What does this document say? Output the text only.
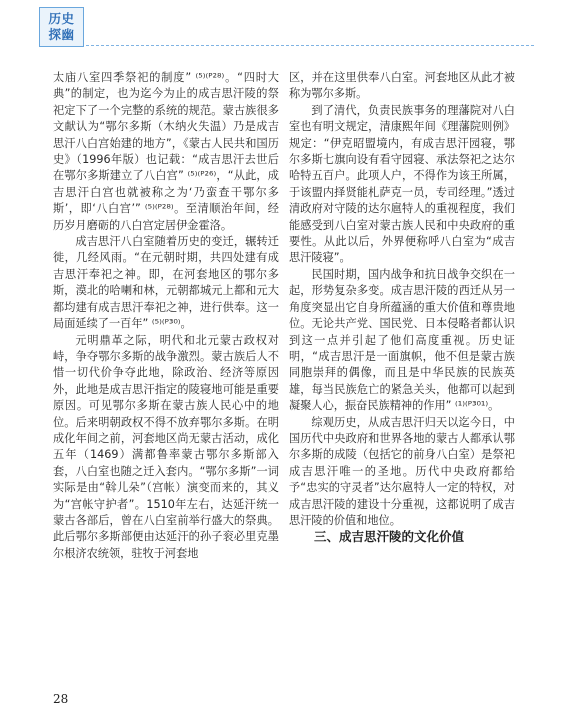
历史
探幽

太庙八室四季祭祀的制度” ⁽⁵⁾⁽ᴾ²⁸⁾。“四时大典”的制定，也为迄今为止的成吉思汗陵的祭祀定下了一个完整的系统的规范。蒙古族很多文献认为“鄂尔多斯（木纳火失温）乃是成吉思汗八白宫始建的地方”，《蒙古人民共和国历史》（1996年版）也记载：“成吉思汗去世后在鄂尔多斯建立了八白宫” ⁽⁵⁾⁽ᴾ²⁶⁾，“从此，成吉思汗白宫也就被称之为‘乃蛮查干鄂尔多斯’，即‘八白宫’” ⁽⁵⁾⁽ᴾ²⁸⁾。至清顺治年间，经历岁月磨砺的八白宫定居伊金霍洛。

成吉思汗八白室随着历史的变迁，辗转迁徙，几经风雨。“在元朝时期，共四处建有成吉思汗奉祀之神。即，在河套地区的鄂尔多斯，漠北的哈喇和林，元朝都城元上都和元大都均建有成吉思汗奉祀之神，进行供奉。这一局面延续了一百年” ⁽⁵⁾⁽ᴾ³⁰⁾。

元明鼎革之际，明代和北元蒙古政权对峙，争夺鄂尔多斯的战争激烈。蒙古族后人不惜一切代价争夺此地，除政治、经济等原因外，此地是成吉思汗指定的陵寝地可能是重要原因。可见鄂尔多斯在蒙古族人民心中的地位。后来明朝政权不得不放弃鄂尔多斯。在明成化年间之前，河套地区尚无蒙古活动，成化五年（1469）满都鲁率蒙古鄂尔多斯部入套，八白室也随之迁入套内。“鄂尔多斯”一词实际是由“斡儿朵”（宫帐）演变而来的，其义为“宫帐守护者”。1510年左右，达延汗统一蒙古各部后，曾在八白室前举行盛大的祭典。此后鄂尔多斯部便由达延汗的孙子衮必里克墨尔根济农统领，驻牧于河套地

区，并在这里供奉八白室。河套地区从此才被称为鄂尔多斯。

到了清代，负责民族事务的理藩院对八白室也有明文规定，清康熙年间《理藩院则例》规定：“伊克昭盟境内，有成吉思汗园寝，鄂尔多斯七旗向设有看守园寝、承法祭祀之达尔哈特五百户。此项人户，不得作为该王所属，于该盟内择贤能札萨克一员，专司经理。”透过清政府对守陵的达尔扈特人的重视程度，我们能感受到八白室对蒙古族人民和中央政府的重要性。从此以后，外界便称呼八白室为“成吉思汗陵寝”。

民国时期，国内战争和抗日战争交织在一起，形势复杂多变。成吉思汗陵的西迁从另一角度突显出它自身所蕴涵的重大价值和尊贵地位。无论共产党、国民党、日本侵略者都认识到这一点并引起了他们高度重视。历史证明，“成吉思汗是一面旗帜，他不但是蒙古族同胞崇拜的偶像，而且是中华民族的民族英雄，每当民族危亡的紧急关头，他都可以起到凝聚人心，振奋民族精神的作用” ⁽¹⁾⁽ᴾ³⁰¹⁾。

综观历史，从成吉思汗归天以迄今日，中国历代中央政府和世界各地的蒙古人都承认鄂尔多斯的成陵（包括它的前身八白室）是祭祀成吉思汗唯一的圣地。历代中央政府都给予“忠实的守灵者”达尔扈特人一定的特权，对成吉思汗陵的建设十分重视，这都说明了成吉思汗陵的价值和地位。

三、成吉思汗陵的文化价值

28
